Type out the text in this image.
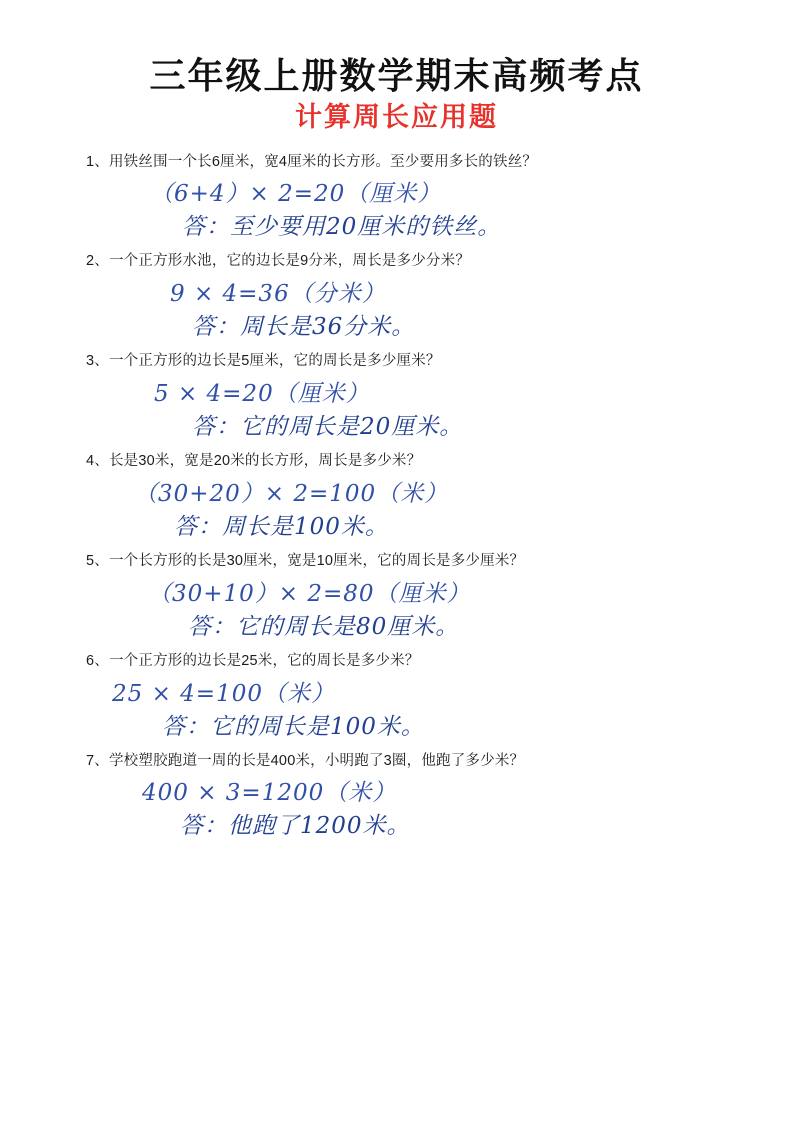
三年级上册数学期末高频考点
计算周长应用题
1、用铁丝围一个长6厘米，宽4厘米的长方形。至少要用多长的铁丝？
（6+4）× 2=20（厘米）
答：至少要用20厘米的铁丝。
2、一个正方形水池，它的边长是9分米，周长是多少分米？
9 × 4=36（分米）
答：周长是36分米。
3、一个正方形的边长是5厘米，它的周长是多少厘米？
5 × 4=20（厘米）
答：它的周长是20厘米。
4、长是30米，宽是20米的长方形，周长是多少米？
（30+20）× 2=100（米）
答：周长是100米。
5、一个长方形的长是30厘米，宽是10厘米，它的周长是多少厘米？
（30+10）× 2=80（厘米）
答：它的周长是80厘米。
6、一个正方形的边长是25米，它的周长是多少米？
25 × 4=100（米）
答：它的周长是100米。
7、学校塑胶跑道一周的长是400米，小明跑了3圈，他跑了多少米？
400 × 3=1200（米）
答：他跑了1200米。
